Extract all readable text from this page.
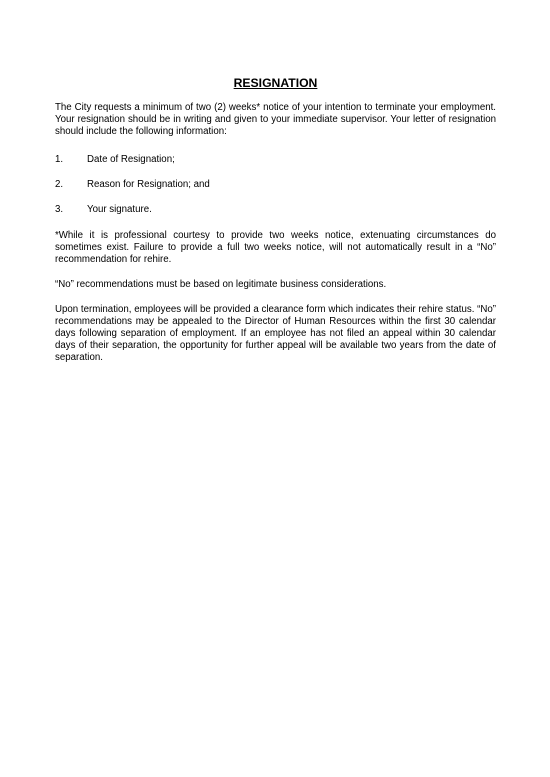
RESIGNATION

The City requests a minimum of two (2) weeks* notice of your intention to terminate your employment. Your resignation should be in writing and given to your immediate supervisor. Your letter of resignation should include the following information:

1.	Date of Resignation;
2.	Reason for Resignation; and
3.	Your signature.

*While it is professional courtesy to provide two weeks notice, extenuating circumstances do sometimes exist. Failure to provide a full two weeks notice, will not automatically result in a “No” recommendation for rehire.

“No” recommendations must be based on legitimate business considerations.

Upon termination, employees will be provided a clearance form which indicates their rehire status. “No” recommendations may be appealed to the Director of Human Resources within the first 30 calendar days following separation of employment. If an employee has not filed an appeal within 30 calendar days of their separation, the opportunity for further appeal will be available two years from the date of separation.
